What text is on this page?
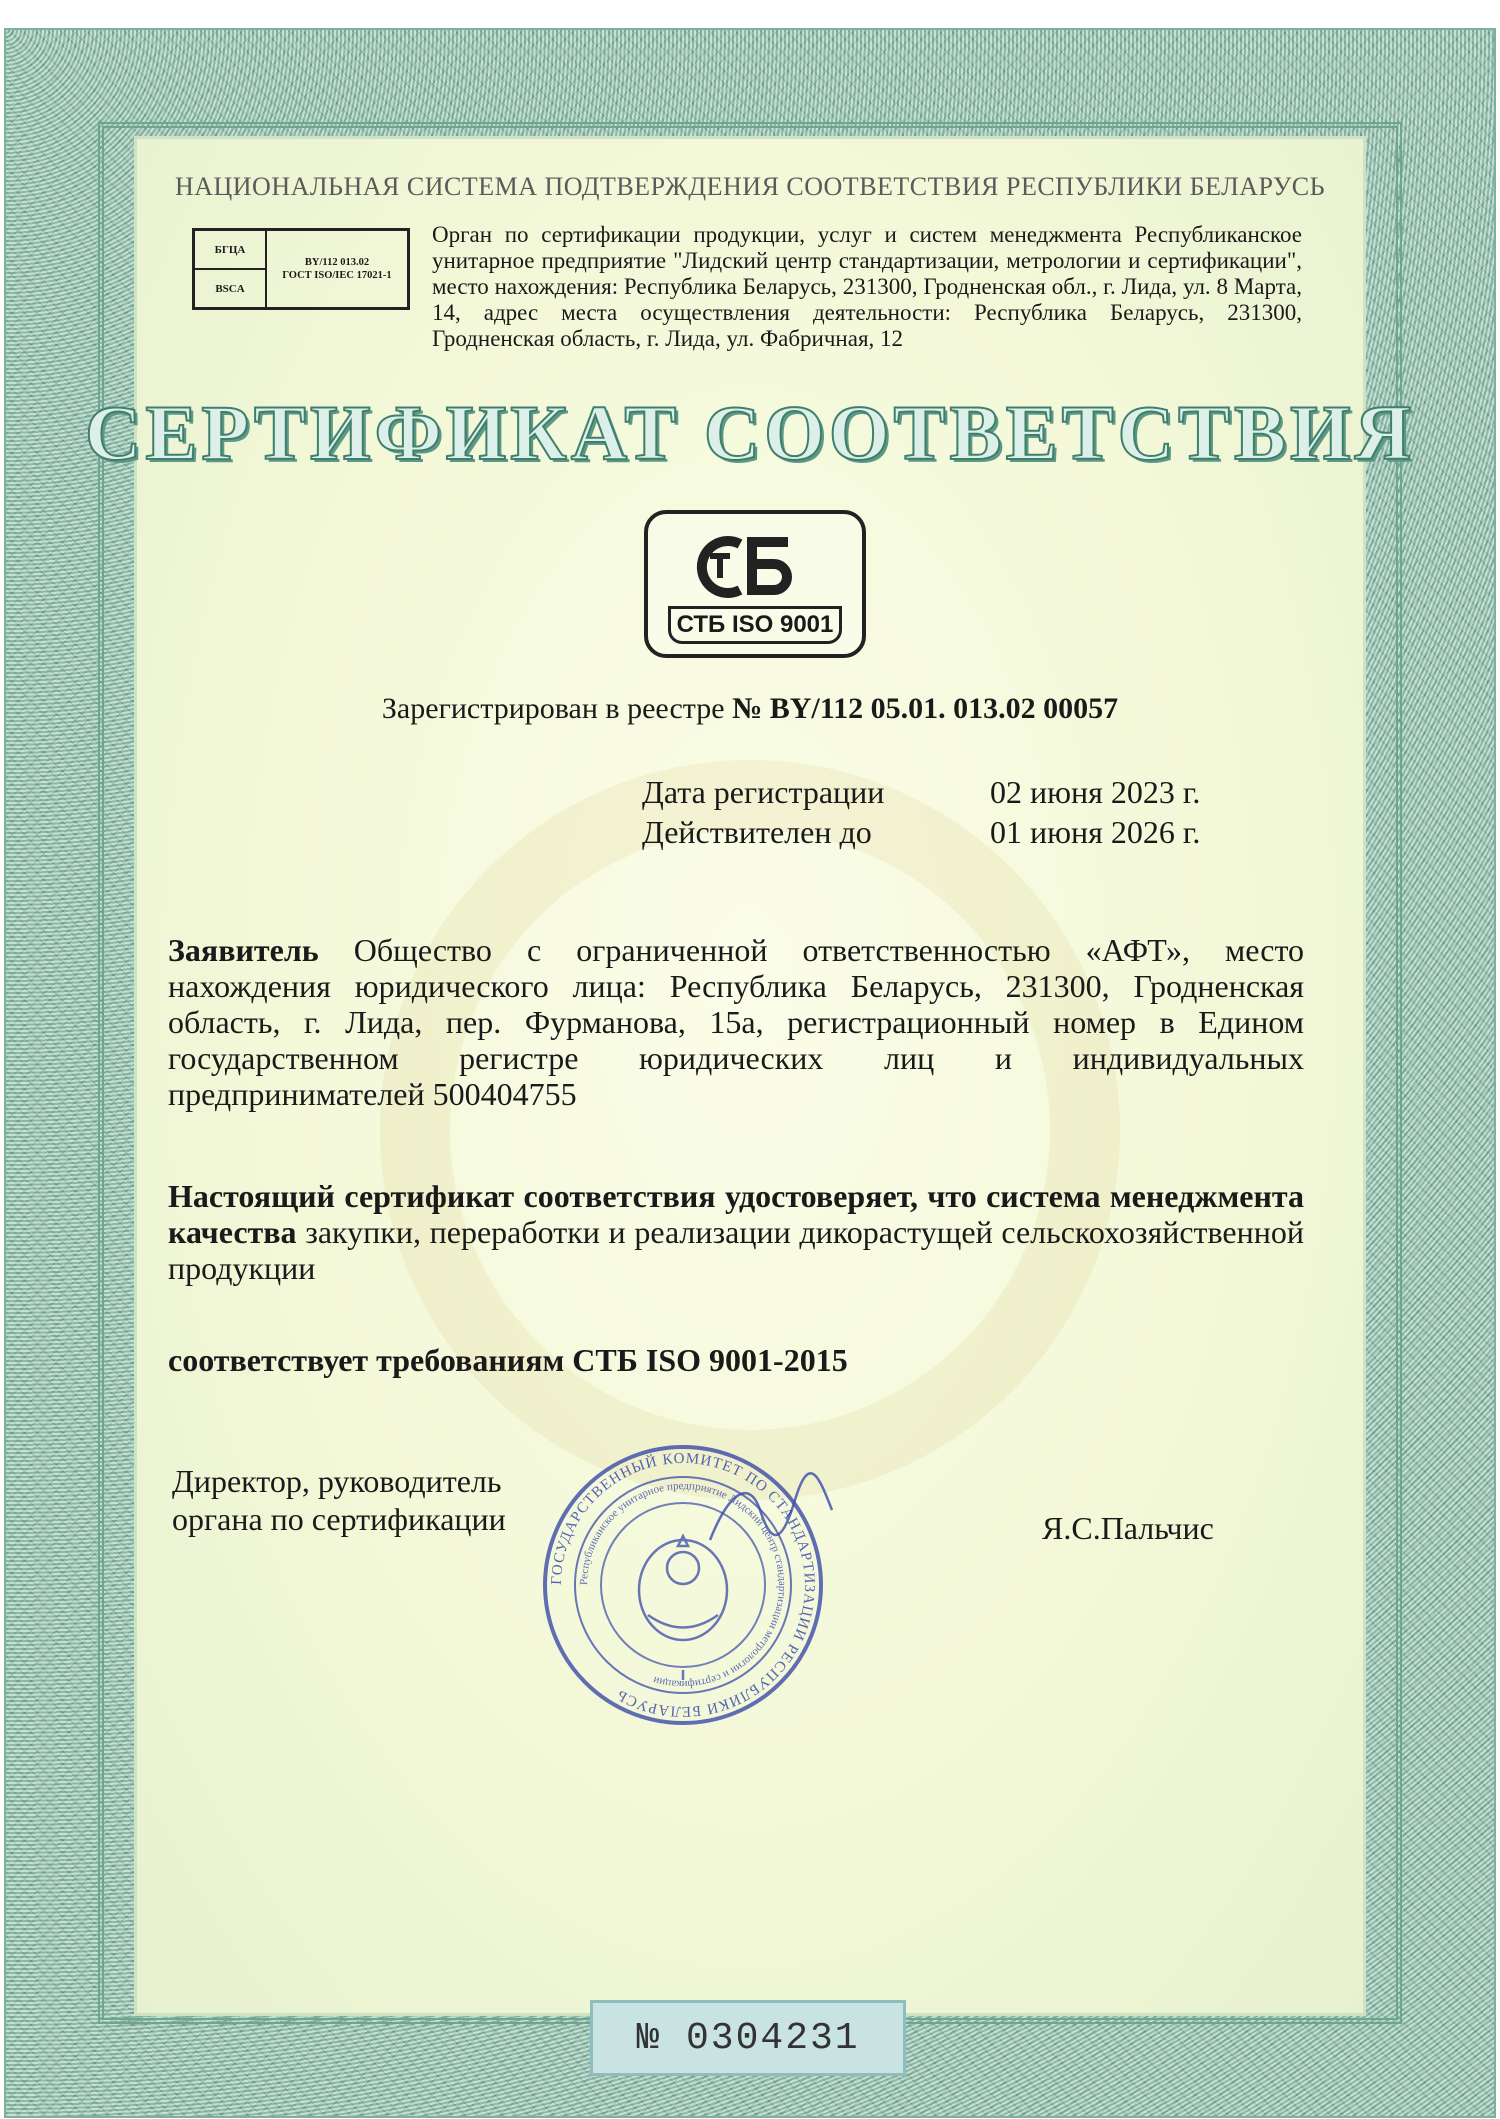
НАЦИОНАЛЬНАЯ СИСТЕМА ПОДТВЕРЖДЕНИЯ СООТВЕТСТВИЯ РЕСПУБЛИКИ БЕЛАРУСЬ
БГЦА
BSCA
BY/112 013.02
ГОСТ ISO/IEC 17021-1
Орган по сертификации продукции, услуг и систем менеджмента Республиканское унитарное предприятие "Лидский центр стандартизации, метрологии и сертификации", место нахождения: Республика Беларусь, 231300, Гродненская обл., г. Лида, ул. 8 Марта, 14, адрес места осуществления деятельности: Республика Беларусь, 231300, Гродненская область, г. Лида, ул. Фабричная, 12
СЕРТИФИКАТ СООТВЕТСТВИЯ
СТБ ISO 9001
Зарегистрирован в реестре № BY/112 05.01. 013.02 00057
Дата регистрации	02 июня 2023 г.
Действителен до	01 июня 2026 г.
Заявитель Общество с ограниченной ответственностью «АФТ», место нахождения юридического лица: Республика Беларусь, 231300, Гродненская область, г. Лида, пер. Фурманова, 15а, регистрационный номер в Едином государственном регистре юридических лиц и индивидуальных предпринимателей 500404755
Настоящий сертификат соответствия удостоверяет, что система менеджмента качества закупки, переработки и реализации дикорастущей сельскохозяйственной продукции
соответствует требованиям СТБ ISO 9001-2015
Директор, руководитель
органа по сертификации
ГОСУДАРСТВЕННЫЙ КОМИТЕТ ПО СТАНДАРТИЗАЦИИ РЕСПУБЛИКИ БЕЛАРУСЬ
Республиканское унитарное предприятие Лидский центр стандартизации метрологии и сертификации
Я.С.Пальчис
№ 0304231
